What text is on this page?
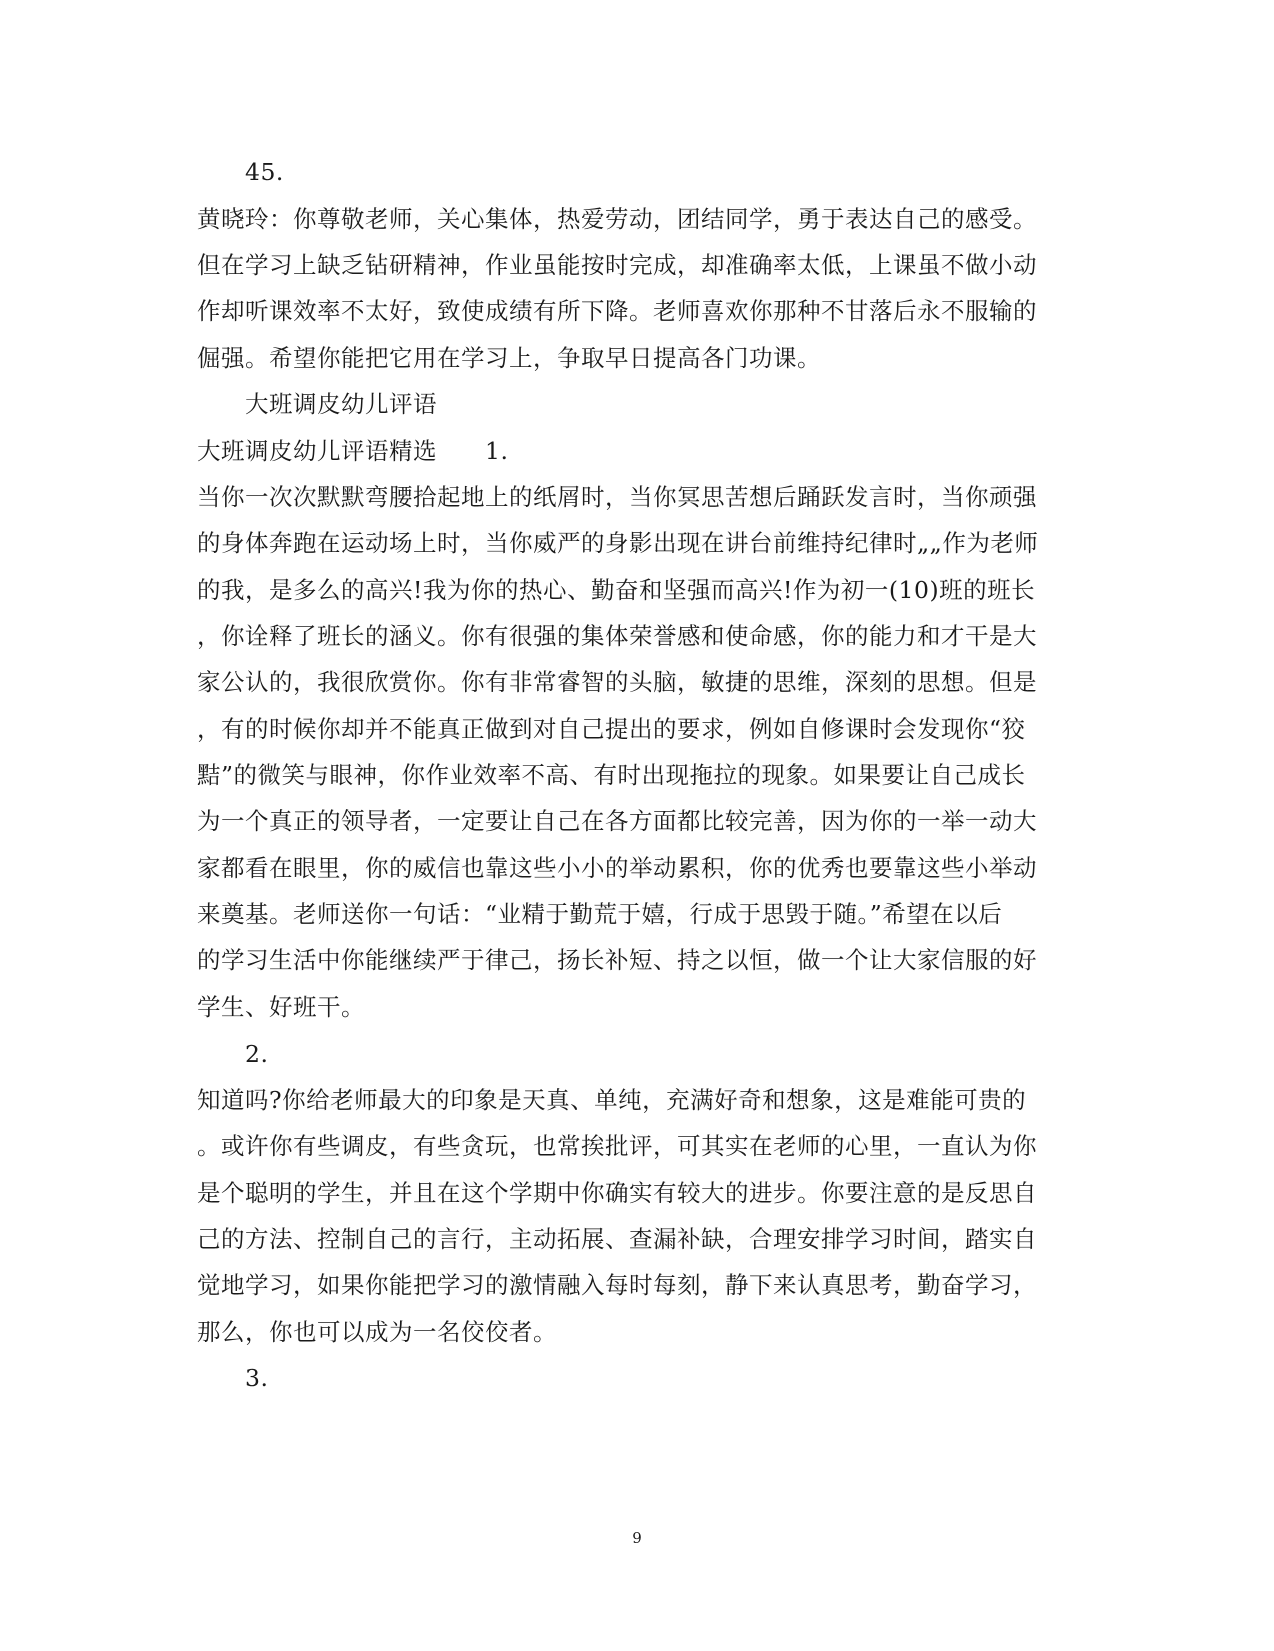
45.
黄晓玲：你尊敬老师，关心集体，热爱劳动，团结同学，勇于表达自己的感受。
但在学习上缺乏钻研精神，作业虽能按时完成，却准确率太低，上课虽不做小动
作却听课效率不太好，致使成绩有所下降。老师喜欢你那种不甘落后永不服输的
倔强。希望你能把它用在学习上，争取早日提高各门功课。
大班调皮幼儿评语
大班调皮幼儿评语精选　　1.
当你一次次默默弯腰拾起地上的纸屑时，当你冥思苦想后踊跃发言时，当你顽强
的身体奔跑在运动场上时，当你威严的身影出现在讲台前维持纪律时„„作为老师
的我，是多么的高兴!我为你的热心、勤奋和坚强而高兴!作为初一(10)班的班长
，你诠释了班长的涵义。你有很强的集体荣誉感和使命感，你的能力和才干是大
家公认的，我很欣赏你。你有非常睿智的头脑，敏捷的思维，深刻的思想。但是
，有的时候你却并不能真正做到对自己提出的要求，例如自修课时会发现你“狡
黠”的微笑与眼神，你作业效率不高、有时出现拖拉的现象。如果要让自己成长
为一个真正的领导者，一定要让自己在各方面都比较完善，因为你的一举一动大
家都看在眼里，你的威信也靠这些小小的举动累积，你的优秀也要靠这些小举动
来奠基。老师送你一句话：“业精于勤荒于嬉，行成于思毁于随。”希望在以后
的学习生活中你能继续严于律己，扬长补短、持之以恒，做一个让大家信服的好
学生、好班干。
2.
知道吗?你给老师最大的印象是天真、单纯，充满好奇和想象，这是难能可贵的
。或许你有些调皮，有些贪玩，也常挨批评，可其实在老师的心里，一直认为你
是个聪明的学生，并且在这个学期中你确实有较大的进步。你要注意的是反思自
己的方法、控制自己的言行，主动拓展、查漏补缺，合理安排学习时间，踏实自
觉地学习，如果你能把学习的激情融入每时每刻，静下来认真思考，勤奋学习，
那么，你也可以成为一名佼佼者。
3.
9
